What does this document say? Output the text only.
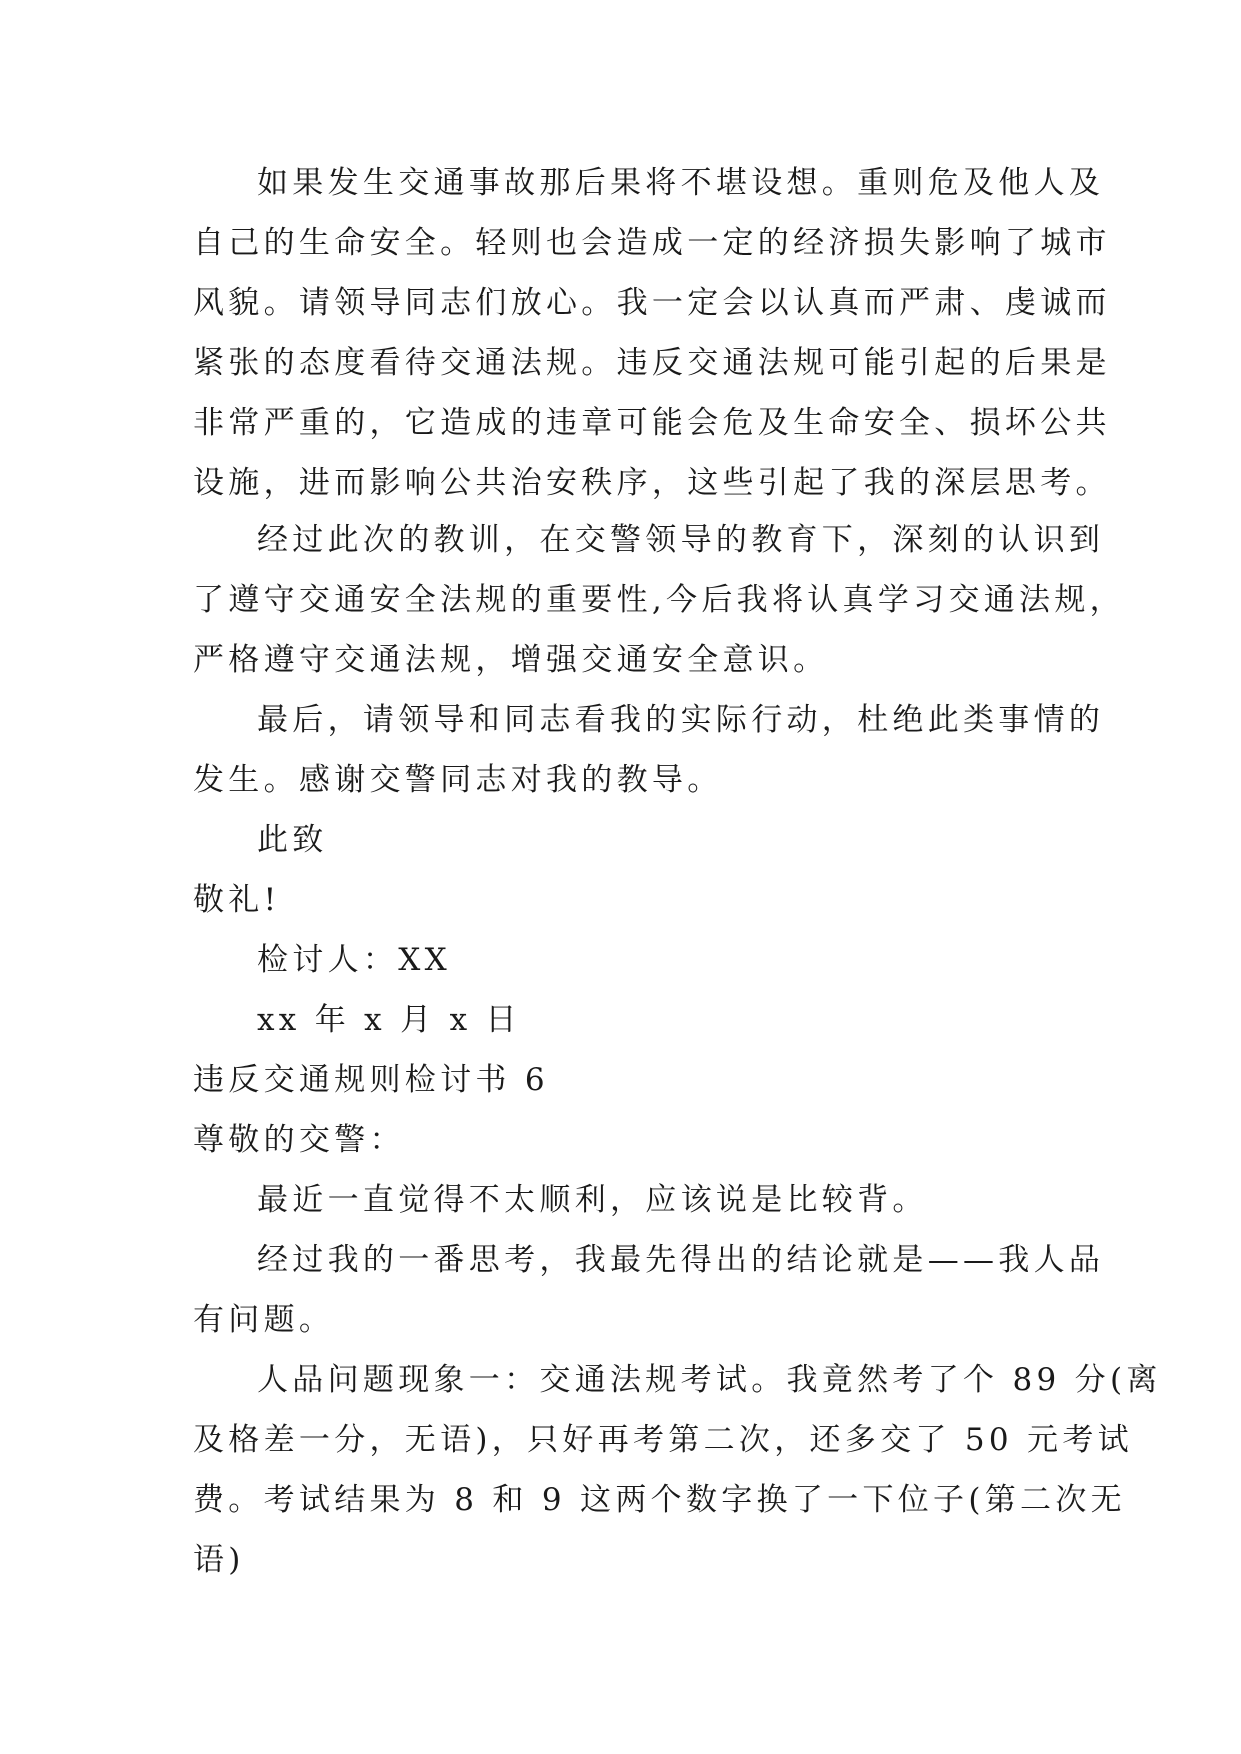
如果发生交通事故那后果将不堪设想。重则危及他人及
自己的生命安全。轻则也会造成一定的经济损失影响了城市
风貌。请领导同志们放心。我一定会以认真而严肃、虔诚而
紧张的态度看待交通法规。违反交通法规可能引起的后果是
非常严重的，它造成的违章可能会危及生命安全、损坏公共
设施，进而影响公共治安秩序，这些引起了我的深层思考。
经过此次的教训，在交警领导的教育下，深刻的认识到
了遵守交通安全法规的重要性,今后我将认真学习交通法规，
严格遵守交通法规，增强交通安全意识。
最后，请领导和同志看我的实际行动，杜绝此类事情的
发生。感谢交警同志对我的教导。
此致
敬礼!
检讨人：XX
xx 年 x 月 x 日
违反交通规则检讨书 6
尊敬的交警：
最近一直觉得不太顺利，应该说是比较背。
经过我的一番思考，我最先得出的结论就是——我人品
有问题。
人品问题现象一：交通法规考试。我竟然考了个 89 分(离
及格差一分，无语)，只好再考第二次，还多交了 50 元考试
费。考试结果为 8 和 9 这两个数字换了一下位子(第二次无
语)
